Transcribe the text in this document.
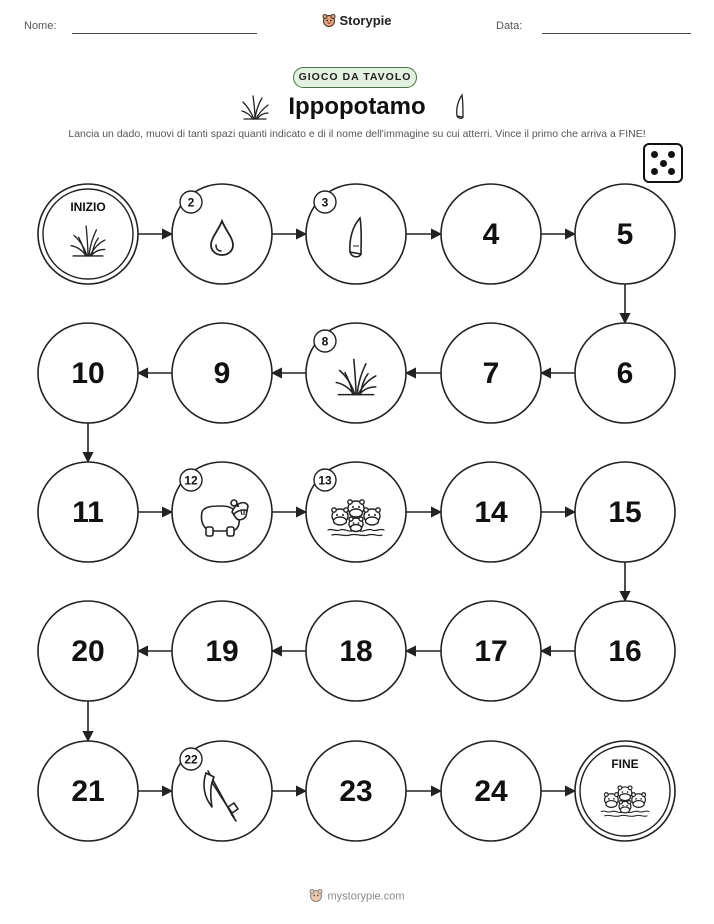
Nome:	Data:
Storypie
GIOCO DA TAVOLO
Ippopotamo
Lancia un dado, muovi di tanti spazi quanti indicato e di il nome dell'immagine su cui atterri. Vince il primo che arriva a FINE!
INIZIO	2	3
4	5
6
7
8
9
10
11
12	13
14	15
16
17
18
19
20
21
22
23	24
FINE
mystorypie.com
